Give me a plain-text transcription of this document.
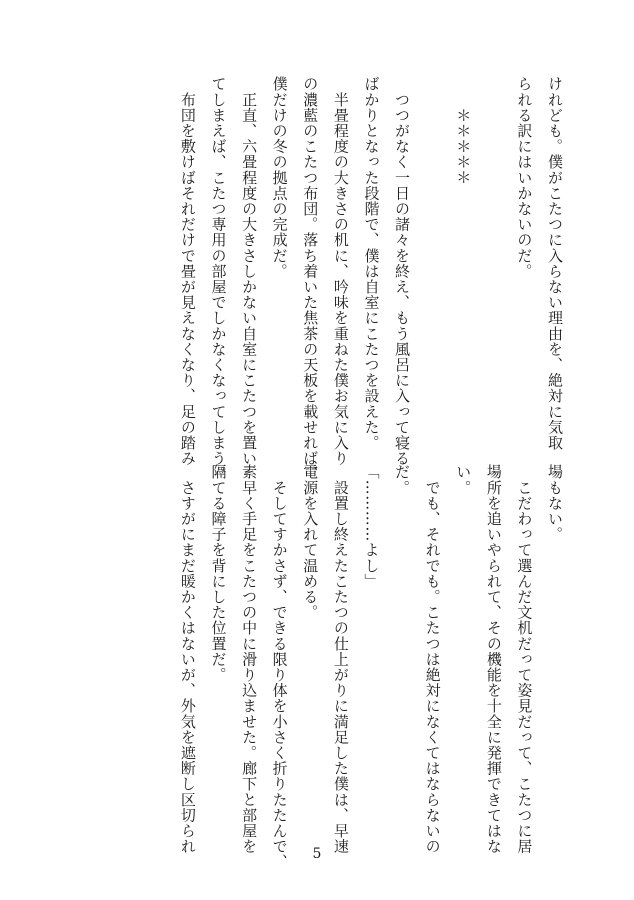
けれども。僕がこたつに入らない理由を、絶対に気取
られる訳にはいかないのだ。

　　＊＊＊＊＊

　つつがなく一日の諸々を終え、もう風呂に入って寝る
ばかりとなった段階で、僕は自室にこたつを設えた。
　半畳程度の大きさの机に、吟味を重ねた僕お気に入り
の濃藍のこたつ布団。落ち着いた焦茶の天板を載せれば、
僕だけの冬の拠点の完成だ。
　正直、六畳程度の大きさしかない自室にこたつを置い
てしまえば、こたつ専用の部屋でしかなくなってしまう。
　布団を敷けばそれだけで畳が見えなくなり、足の踏み
場もない。
　こだわって選んだ文机だって姿見だって、こたつに居
場所を追いやられて、その機能を十全に発揮できてはな
い。
　でも、それでも。こたつは絶対になくてはならないの
だ。
「…………よし」
　設置し終えたこたつの仕上がりに満足した僕は、早速
電源を入れて温める。
　そしてすかさず、できる限り体を小さく折りたたんで、
素早く手足をこたつの中に滑り込ませた。廊下と部屋を
隔てる障子を背にした位置だ。
　さすがにまだ暖かくはないが、外気を遮断し区切られ	5
